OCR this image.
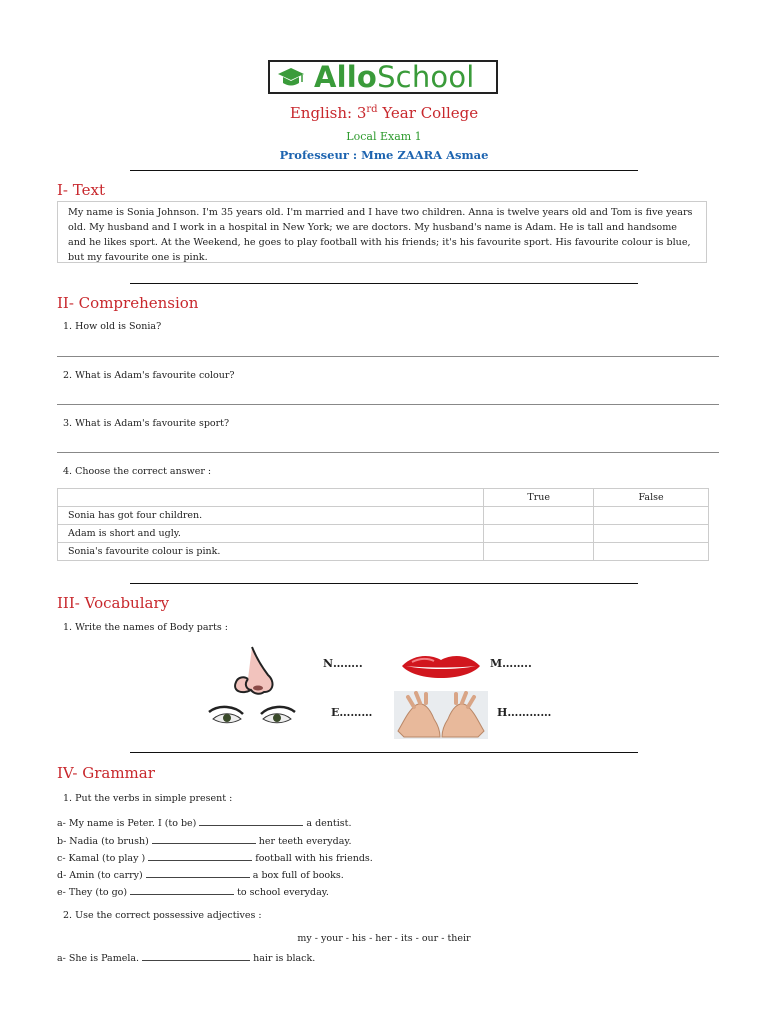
AlloSchool
English: 3rd Year College
Local Exam 1
Professeur : Mme ZAARA Asmae
I- Text
My name is Sonia Johnson. I'm 35 years old. I'm married and I have two children. Anna is twelve years old and Tom is five years old. My husband and I work in a hospital in New York; we are doctors. My husband's name is Adam. He is tall and handsome and he likes sport. At the Weekend, he goes to play football with his friends; it's his favourite sport. His favourite colour is blue, but my favourite one is pink.
II- Comprehension
1. How old is Sonia?
2. What is Adam's favourite colour?
3. What is Adam's favourite sport?
4. Choose the correct answer :
	True	False
Sonia has got four children.		
Adam is short and ugly.		
Sonia's favourite colour is pink.		
III- Vocabulary
1. Write the names of Body parts :
N……..	M……..
E………	H…………
IV- Grammar
1. Put the verbs in simple present :
a- My name is Peter. I (to be)	a dentist.
b- Nadia (to brush)	her teeth everyday.
c- Kamal (to play )	football with his friends.
d- Amin (to carry)	a box full of books.
e- They (to go)	to school everyday.
2. Use the correct possessive adjectives :
my - your - his - her - its - our - their
a- She is Pamela.	hair is black.
